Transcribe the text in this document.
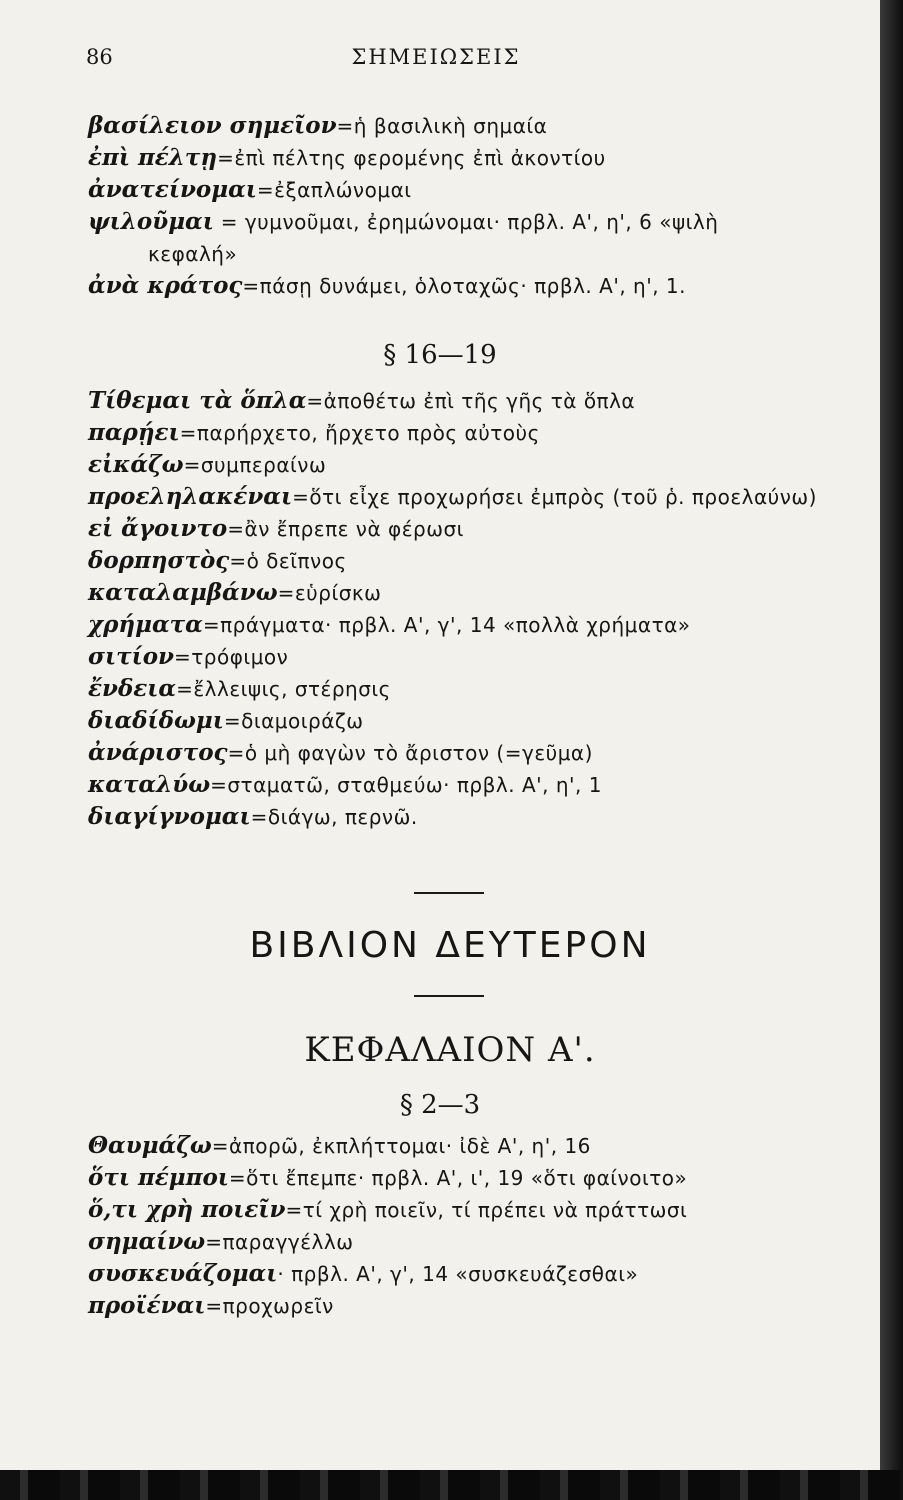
86	ΣΗΜΕΙΩΣΕΙΣ
βασίλειον σημεῖον=ἡ βασιλικὴ σημαία
ἐπὶ πέλτῃ=ἐπὶ πέλτης φερομένης ἐπὶ ἀκοντίου
ἀνατείνομαι=ἐξαπλώνομαι
ψιλοῦμαι = γυμνοῦμαι, ἐρημώνομαι· πρβλ. Α', η', 6 «ψιλὴ
κεφαλή»
ἀνὰ κράτος=πάσῃ δυνάμει, ὁλοταχῶς· πρβλ. Α', η', 1.
§ 16—19
Τίθεμαι τὰ ὅπλα=ἀποθέτω ἐπὶ τῆς γῆς τὰ ὅπλα
παρῄει=παρήρχετο, ἤρχετο πρὸς αὐτοὺς
εἰκάζω=συμπεραίνω
προεληλακέναι=ὅτι εἶχε προχωρήσει ἐμπρὸς (τοῦ ῥ. προελαύνω)
εἰ ἄγοιντο=ἂν ἔπρεπε νὰ φέρωσι
δορπηστὸς=ὁ δεῖπνος
καταλαμβάνω=εὑρίσκω
χρήματα=πράγματα· πρβλ. Α', γ', 14 «πολλὰ χρήματα»
σιτίον=τρόφιμον
ἔνδεια=ἔλλειψις, στέρησις
διαδίδωμι=διαμοιράζω
ἀνάριστος=ὁ μὴ φαγὼν τὸ ἄριστον (=γεῦμα)
καταλύω=σταματῶ, σταθμεύω· πρβλ. Α', η', 1
διαγίγνομαι=διάγω, περνῶ.
ΒΙΒΛΙΟΝ ΔΕΥΤΕΡΟΝ
ΚΕΦΑΛΑΙΟΝ Α'.
§ 2—3
Θαυμάζω=ἀπορῶ, ἐκπλήττομαι· ἰδὲ Α', η', 16
ὅτι πέμποι=ὅτι ἔπεμπε· πρβλ. Α', ι', 19 «ὅτι φαίνοιτο»
ὅ,τι χρὴ ποιεῖν=τί χρὴ ποιεῖν, τί πρέπει νὰ πράττωσι
σημαίνω=παραγγέλλω
συσκευάζομαι· πρβλ. Α', γ', 14 «συσκευάζεσθαι»
προϊέναι=προχωρεῖν
